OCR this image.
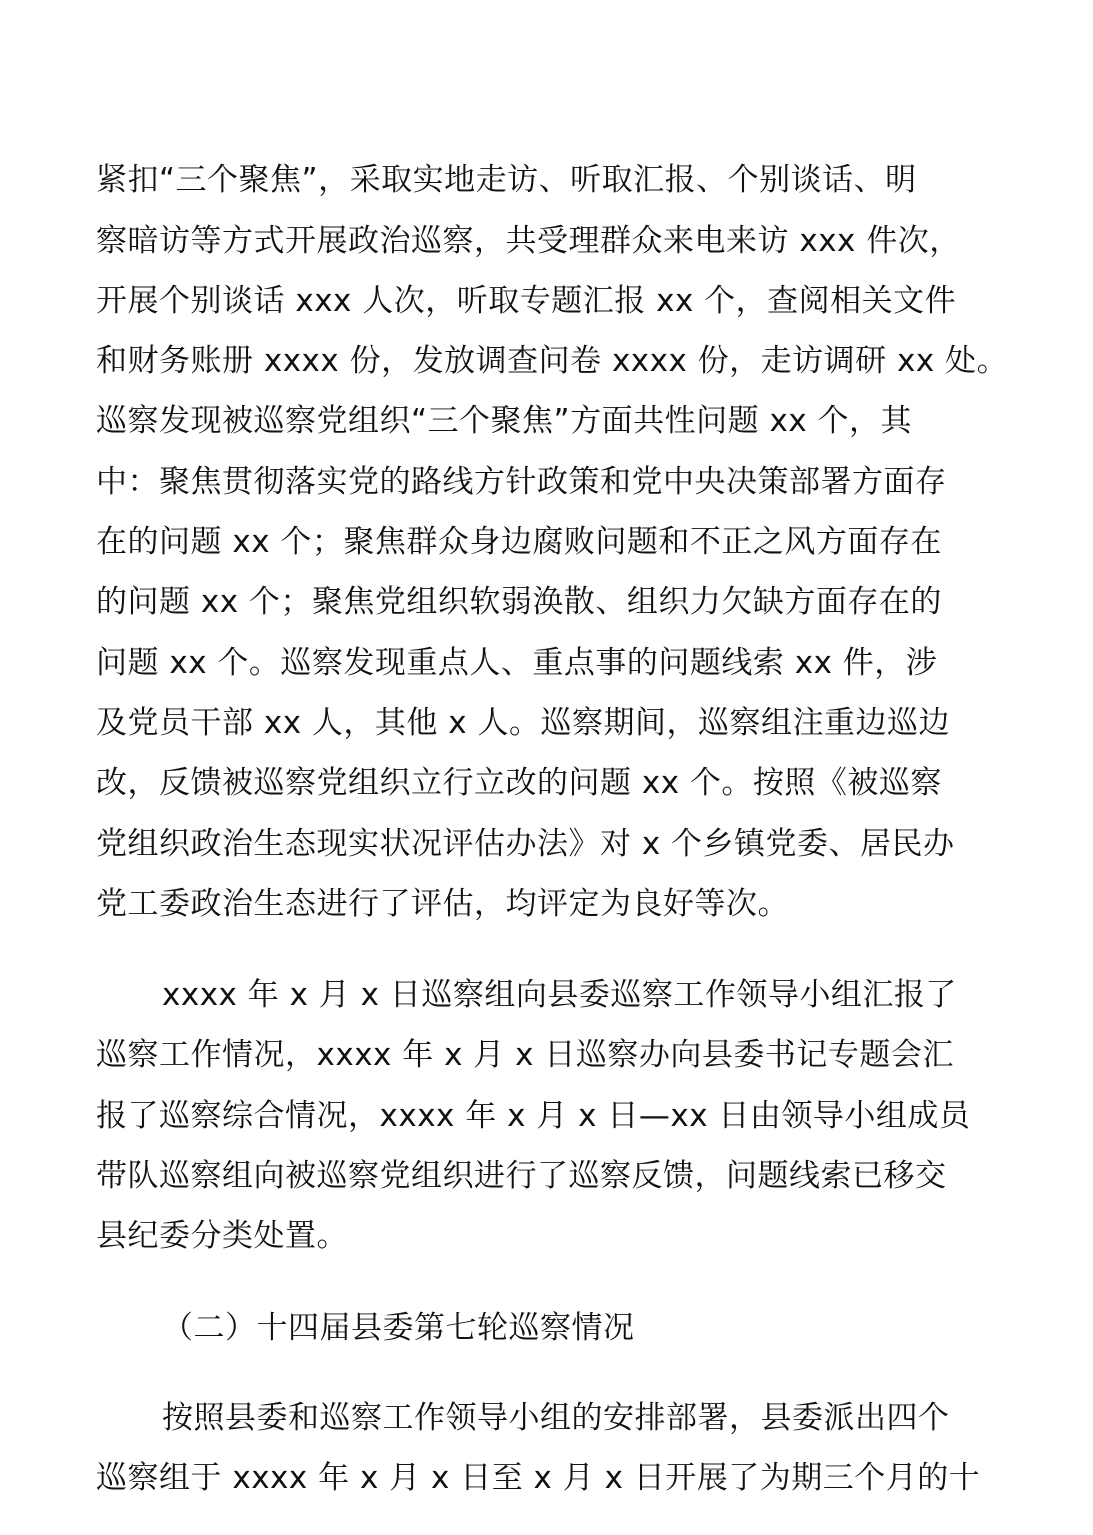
紧扣“三个聚焦”，采取实地走访、听取汇报、个别谈话、明
察暗访等方式开展政治巡察，共受理群众来电来访 xxx 件次，
开展个别谈话 xxx 人次，听取专题汇报 xx 个，查阅相关文件
和财务账册 xxxx 份，发放调查问卷 xxxx 份，走访调研 xx 处。
巡察发现被巡察党组织“三个聚焦”方面共性问题 xx 个，其
中：聚焦贯彻落实党的路线方针政策和党中央决策部署方面存
在的问题 xx 个；聚焦群众身边腐败问题和不正之风方面存在
的问题 xx 个；聚焦党组织软弱涣散、组织力欠缺方面存在的
问题 xx 个。巡察发现重点人、重点事的问题线索 xx 件，涉
及党员干部 xx 人，其他 x 人。巡察期间，巡察组注重边巡边
改，反馈被巡察党组织立行立改的问题 xx 个。按照《被巡察
党组织政治生态现实状况评估办法》对 x 个乡镇党委、居民办
党工委政治生态进行了评估，均评定为良好等次。
xxxx 年 x 月 x 日巡察组向县委巡察工作领导小组汇报了
巡察工作情况，xxxx 年 x 月 x 日巡察办向县委书记专题会汇
报了巡察综合情况，xxxx 年 x 月 x 日—xx 日由领导小组成员
带队巡察组向被巡察党组织进行了巡察反馈，问题线索已移交
县纪委分类处置。
（二）十四届县委第七轮巡察情况
按照县委和巡察工作领导小组的安排部署，县委派出四个
巡察组于 xxxx 年 x 月 x 日至 x 月 x 日开展了为期三个月的十
